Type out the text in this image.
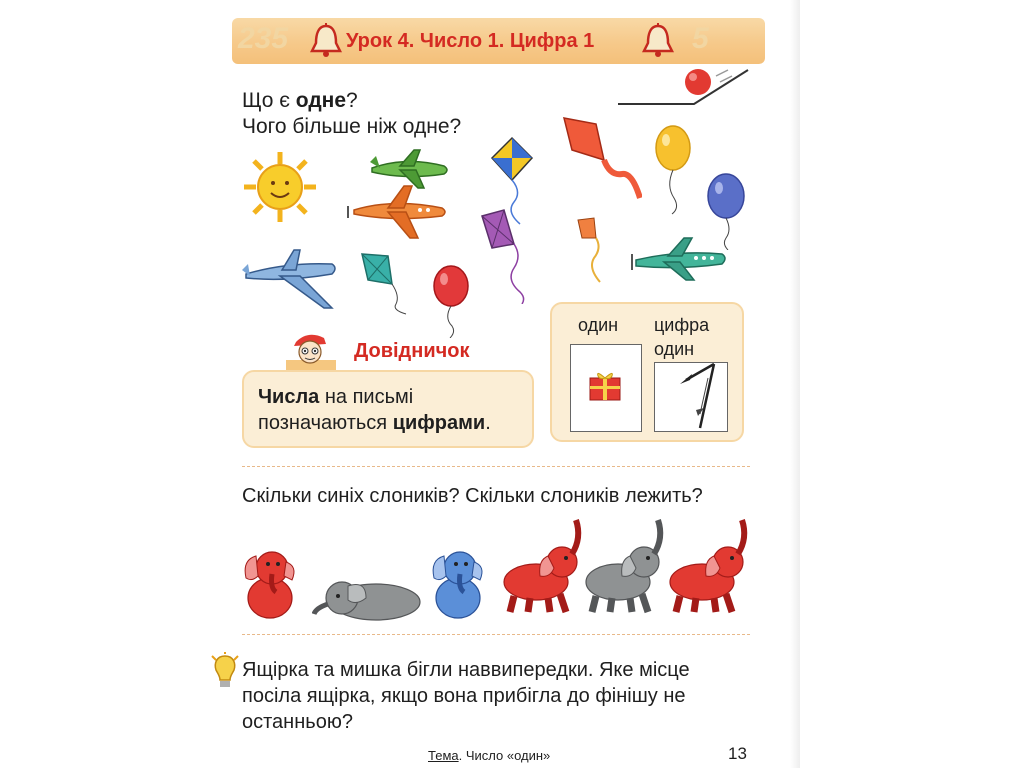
235	5
Урок 4. Число 1. Цифра 1
Що є одне?
Чого більше ніж одне?
Довідничок
Числа на письмі
позначаються цифрами.
один цифра
один
Скільки синіх слоників? Скільки слоників лежить?
Ящірка та мишка бігли наввипередки. Яке місце
посіла ящірка, якщо вона прибігла до фінішу не
останньою?
Тема. Число «один»	13
